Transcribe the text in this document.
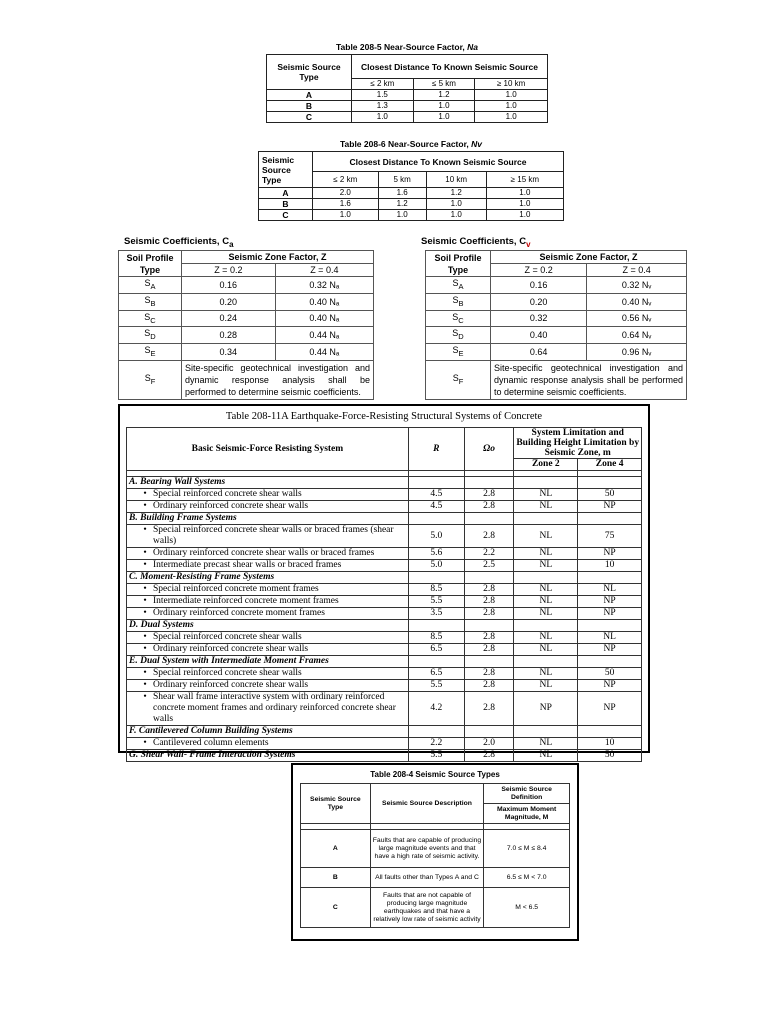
Table 208-5 Near-Source Factor, Na
Seismic Source Type	Closest Distance To Known Seismic Source		
	≤ 2 km	≤ 5 km	≥ 10 km
A	1.5	1.2	1.0
B	1.3	1.0	1.0
C	1.0	1.0	1.0
Table 208-6 Near-Source Factor, Nv
Seismic Source Type	Closest Distance To Known Seismic Source			
	≤ 2 km	5 km	10 km	≥ 15 km
A	2.0	1.6	1.2	1.0
B	1.6	1.2	1.0	1.0
C	1.0	1.0	1.0	1.0
Seismic Coefficients, $C_a$
Soil Profile Type	Seismic Zone Factor, Z	
	Z = 0.2	Z = 0.4
$S_A$	0.16	0.32 Nₐ
$S_B$	0.20	0.40 Nₐ
$S_C$	0.24	0.40 Nₐ
$S_D$	0.28	0.44 Nₐ
$S_E$	0.34	0.44 Nₐ
$S_F$	Site-specific geotechnical investigation and dynamic response analysis shall be performed to determine seismic coefficients.	
Seismic Coefficients, $C_v$
Soil Profile Type	Seismic Zone Factor, Z	
	Z = 0.2	Z = 0.4
$S_A$	0.16	0.32 Nᵥ
$S_B$	0.20	0.40 Nᵥ
$S_C$	0.32	0.56 Nᵥ
$S_D$	0.40	0.64 Nᵥ
$S_E$	0.64	0.96 Nᵥ
$S_F$	Site-specific geotechnical investigation and dynamic response analysis shall be performed to determine seismic coefficients.	
Table 208-11A Earthquake-Force-Resisting Structural Systems of Concrete
Basic Seismic-Force Resisting System	R	Ωo	System Limitation and Building Height Limitation by Seismic Zone, m	
			Zone 2	Zone 4

A. Bearing Wall Systems				
• Special reinforced concrete shear walls	4.5	2.8	NL	50
• Ordinary reinforced concrete shear walls	4.5	2.8	NL	NP
B. Building Frame Systems				
• Special reinforced concrete shear walls or braced frames (shear walls)	5.0	2.8	NL	75
• Ordinary reinforced concrete shear walls or braced frames	5.6	2.2	NL	NP
• Intermediate precast shear walls or braced frames	5.0	2.5	NL	10
C. Moment-Resisting Frame Systems				
• Special reinforced concrete moment frames	8.5	2.8	NL	NL
• Intermediate reinforced concrete moment frames	5.5	2.8	NL	NP
• Ordinary reinforced concrete moment frames	3.5	2.8	NL	NP
D. Dual Systems				
• Special reinforced concrete shear walls	8.5	2.8	NL	NL
• Ordinary reinforced concrete shear walls	6.5	2.8	NL	NP
E. Dual System with Intermediate Moment Frames				
• Special reinforced concrete shear walls	6.5	2.8	NL	50
• Ordinary reinforced concrete shear walls	5.5	2.8	NL	NP
• Shear wall frame interactive system with ordinary reinforced concrete moment frames and ordinary reinforced concrete shear walls	4.2	2.8	NP	NP
F. Cantilevered Column Building Systems				
• Cantilevered column elements	2.2	2.0	NL	10
G. Shear Wall- Frame Interaction Systems	5.5	2.8	NL	50
Table 208-4 Seismic Source Types
Seismic Source Type	Seismic Source Description	Seismic Source Definition
		Maximum Moment Magnitude, M

A	Faults that are capable of producing large magnitude events and that have a high rate of seismic activity.	7.0 ≤ M ≤ 8.4
B	All faults other than Types A and C	6.5 ≤ M < 7.0
C	Faults that are not capable of producing large magnitude earthquakes and that have a relatively low rate of seismic activity	M < 6.5
